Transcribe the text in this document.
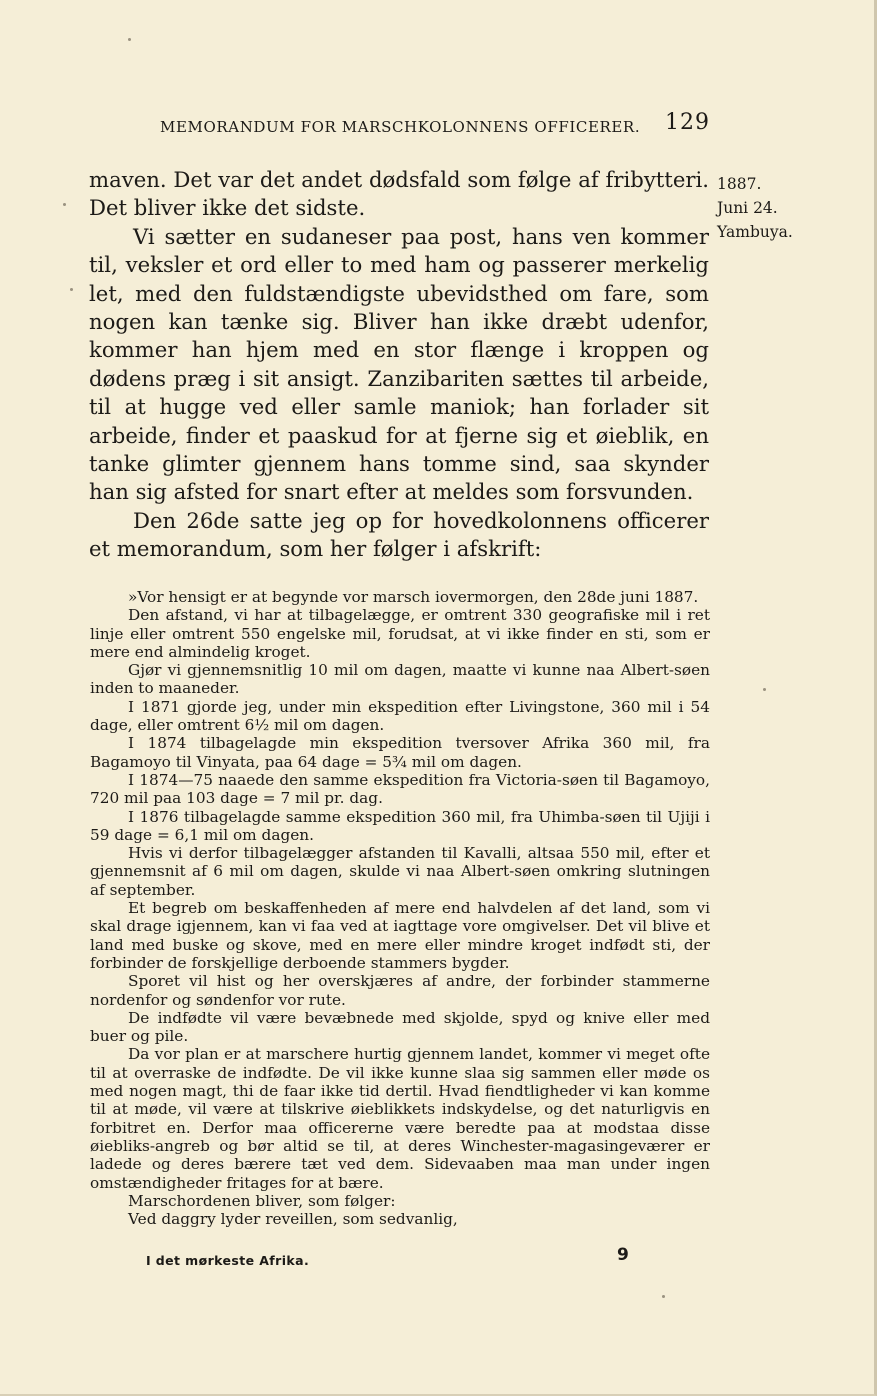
MEMORANDUM FOR MARSCHKOLONNENS OFFICERER. 129
1887.
Juni 24.
Yambuya.

maven. Det var det andet dødsfald som følge af fribytteri. Det bliver ikke det sidste.

Vi sætter en sudaneser paa post, hans ven kommer til, veksler et ord eller to med ham og passerer merkelig let, med den fuldstændigste ubevidsthed om fare, som nogen kan tænke sig. Bliver han ikke dræbt udenfor, kommer han hjem med en stor flænge i kroppen og dødens præg i sit ansigt. Zanzibariten sættes til arbeide, til at hugge ved eller samle maniok; han forlader sit arbeide, finder et paaskud for at fjerne sig et øieblik, en tanke glimter gjennem hans tomme sind, saa skynder han sig afsted for snart efter at meldes som forsvunden.

Den 26de satte jeg op for hovedkolonnens officerer et memorandum, som her følger i afskrift:

»Vor hensigt er at begynde vor marsch iovermorgen, den 28de juni 1887.

Den afstand, vi har at tilbagelægge, er omtrent 330 geografiske mil i ret linje eller omtrent 550 engelske mil, forudsat, at vi ikke finder en sti, som er mere end almindelig kroget.

Gjør vi gjennemsnitlig 10 mil om dagen, maatte vi kunne naa Albert-søen inden to maaneder.

I 1871 gjorde jeg, under min ekspedition efter Livingstone, 360 mil i 54 dage, eller omtrent 6½ mil om dagen.

I 1874 tilbagelagde min ekspedition tversover Afrika 360 mil, fra Bagamoyo til Vinyata, paa 64 dage = 5¾ mil om dagen.

I 1874—75 naaede den samme ekspedition fra Victoria-søen til Bagamoyo, 720 mil paa 103 dage = 7 mil pr. dag.

I 1876 tilbagelagde samme ekspedition 360 mil, fra Uhimba-søen til Ujiji i 59 dage = 6,1 mil om dagen.

Hvis vi derfor tilbagelægger afstanden til Kavalli, altsaa 550 mil, efter et gjennemsnit af 6 mil om dagen, skulde vi naa Albert-søen omkring slutningen af september.

Et begreb om beskaffenheden af mere end halvdelen af det land, som vi skal drage igjennem, kan vi faa ved at iagttage vore omgivelser. Det vil blive et land med buske og skove, med en mere eller mindre kroget indfødt sti, der forbinder de forskjellige derboende stammers bygder.

Sporet vil hist og her overskjæres af andre, der forbinder stammerne nordenfor og søndenfor vor rute.

De indfødte vil være bevæbnede med skjolde, spyd og knive eller med buer og pile.

Da vor plan er at marschere hurtig gjennem landet, kommer vi meget ofte til at overraske de indfødte. De vil ikke kunne slaa sig sammen eller møde os med nogen magt, thi de faar ikke tid dertil. Hvad fiendtligheder vi kan komme til at møde, vil være at tilskrive øieblikkets indskydelse, og det naturligvis en forbitret en. Derfor maa officererne være beredte paa at modstaa disse øiebliks-angreb og bør altid se til, at deres Winchester-magasingeværer er ladede og deres bærere tæt ved dem. Sidevaaben maa man under ingen omstændigheder fritages for at bære.

Marschordenen bliver, som følger:

Ved daggry lyder reveillen, som sedvanlig,

I det mørkeste Afrika.	9
